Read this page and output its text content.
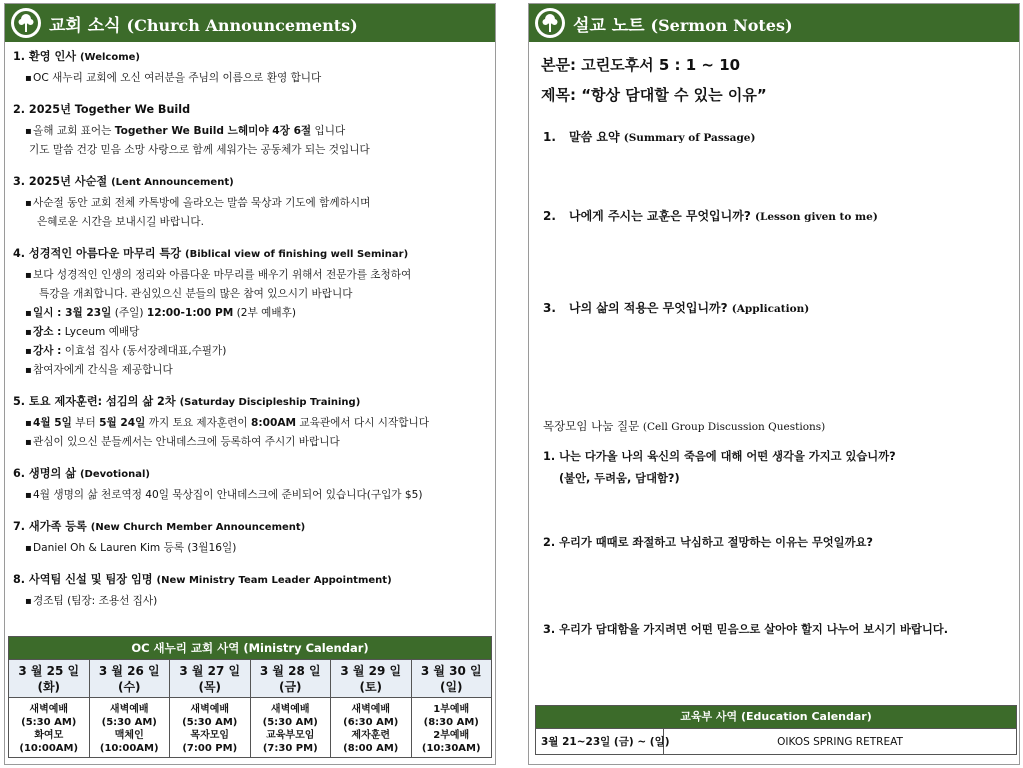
교회 소식 (Church Announcements)
1. 환영 인사 (Welcome)
▪ OC 새누리 교회에 오신 여러분을 주님의 이름으로 환영 합니다
2. 2025년 Together We Build
▪ 올해 교회 표어는 Together We Build 느헤미야 4장 6절 입니다
기도 말씀 건강 믿음 소망 사랑으로 함께 세워가는 공동체가 되는 것입니다
3. 2025년 사순절 (Lent Announcement)
▪ 사순절 동안 교회 전체 카톡방에 올라오는 말씀 묵상과 기도에 함께하시며
은혜로운 시간을 보내시길 바랍니다.
4. 성경적인 아름다운 마무리 특강 (Biblical view of finishing well Seminar)
▪ 보다 성경적인 인생의 정리와 아름다운 마무리를 배우기 위해서 전문가를 초청하여
특강을 개최합니다. 관심있으신 분들의 많은 참여 있으시기 바랍니다
▪ 일시 : 3월 23일 (주일) 12:00-1:00 PM (2부 예배후)
▪ 장소 : Lyceum 예배당
▪ 강사 : 이효섭 집사 (동서장례대표,수필가)
▪ 참여자에게 간식을 제공합니다
5. 토요 제자훈련: 섬김의 삶 2차 (Saturday Discipleship Training)
▪ 4월 5일 부터 5월 24일 까지 토요 제자훈련이 8:00AM 교육관에서 다시 시작합니다
▪ 관심이 있으신 분들께서는 안내데스크에 등록하여 주시기 바랍니다
6. 생명의 삶 (Devotional)
▪ 4월 생명의 삶 천로역정 40일 묵상집이 안내데스크에 준비되어 있습니다(구입가 $5)
7. 새가족 등록 (New Church Member Announcement)
▪ Daniel Oh & Lauren Kim 등록 (3월16일)
8. 사역팀 신설 및 팀장 임명 (New Ministry Team Leader Appointment)
▪ 경조팀 (팀장: 조용선 집사)
OC 새누리 교회 사역 (Ministry Calendar)
3 월 25 일
(화)
3 월 26 일
(수)
3 월 27 일
(목)
3 월 28 일
(금)
3 월 29 일
(토)
3 월 30 일
(일)
새벽예배
(5:30 AM)
화여모
(10:00AM)
새벽예배
(5:30 AM)
맥체인
(10:00AM)
새벽예배
(5:30 AM)
목자모임
(7:00 PM)
새벽예배
(5:30 AM)
교육부모임
(7:30 PM)
새벽예배
(6:30 AM)
제자훈련
(8:00 AM)
1부예배
(8:30 AM)
2부예배
(10:30AM)
설교 노트 (Sermon Notes)
본문: 고린도후서 5 : 1 ~ 10
제목: “항상 담대할 수 있는 이유”
1. 말씀 요약 (Summary of Passage)
2. 나에게 주시는 교훈은 무엇입니까? (Lesson given to me)
3. 나의 삶의 적용은 무엇입니까? (Application)
목장모임 나눔 질문 (Cell Group Discussion Questions)
1. 나는 다가올 나의 육신의 죽음에 대해 어떤 생각을 가지고 있습니까?
(불안, 두려움, 담대함?)
2. 우리가 때때로 좌절하고 낙심하고 절망하는 이유는 무엇일까요?
3. 우리가 담대함을 가지려면 어떤 믿음으로 살아야 할지 나누어 보시기 바랍니다.
교육부 사역 (Education Calendar)
3월 21~23일 (금) ~ (일)	OIKOS SPRING RETREAT
